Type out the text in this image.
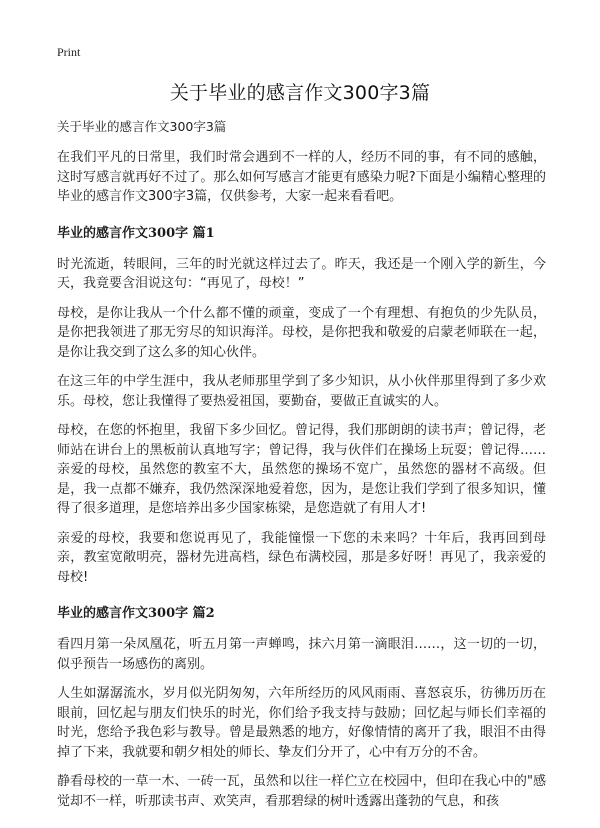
Print
关于毕业的感言作文300字3篇
关于毕业的感言作文300字3篇

在我们平凡的日常里，我们时常会遇到不一样的人，经历不同的事，有不同的感触，这时写感言就再好不过了。那么如何写感言才能更有感染力呢?下面是小编精心整理的毕业的感言作文300字3篇，仅供参考，大家一起来看看吧。

毕业的感言作文300字 篇1

时光流逝，转眼间，三年的时光就这样过去了。昨天，我还是一个刚入学的新生，今天，我竟要含泪说这句：“再见了，母校！”

母校，是你让我从一个什么都不懂的顽童，变成了一个有理想、有抱负的少先队员，是你把我领进了那无穷尽的知识海洋。母校，是你把我和敬爱的启蒙老师联在一起，是你让我交到了这么多的知心伙伴。

在这三年的中学生涯中，我从老师那里学到了多少知识，从小伙伴那里得到了多少欢乐。母校，您让我懂得了要热爱祖国，要勤奋，要做正直诚实的人。

母校，在您的怀抱里，我留下多少回忆。曾记得，我们那朗朗的读书声；曾记得，老师站在讲台上的黑板前认真地写字；曾记得，我与伙伴们在操场上玩耍；曾记得……亲爱的母校，虽然您的教室不大，虽然您的操场不宽广，虽然您的器材不高级。但是，我一点都不嫌弃，我仍然深深地爱着您，因为，是您让我们学到了很多知识，懂得了很多道理，是您培养出多少国家栋梁，是您造就了有用人才!

亲爱的母校，我要和您说再见了，我能憧憬一下您的未来吗？十年后，我再回到母亲，教室宽敞明亮，器材先进高档，绿色布满校园，那是多好呀！再见了，我亲爱的母校!

毕业的感言作文300字 篇2

看四月第一朵凤凰花，听五月第一声蝉鸣，抹六月第一滴眼泪……，这一切的一切，似乎预告一场感伤的离别。

人生如潺潺流水，岁月似光阴匆匆，六年所经历的风风雨雨、喜怒哀乐，彷彿历历在眼前，回忆起与朋友们快乐的时光，你们给予我支持与鼓励；回忆起与师长们幸福的时光，您给予我色彩与教导。曾是最熟悉的地方，好像情情的离开了我，眼泪不由得掉了下来，我就要和朝夕相处的师长、挚友们分开了，心中有万分的不舍。

静看母校的一草一木、一砖一瓦，虽然和以往一样伫立在校园中，但印在我心中的"感觉却不一样，听那读书声、欢笑声，看那碧绿的树叶透露出蓬勃的气息，和孩
